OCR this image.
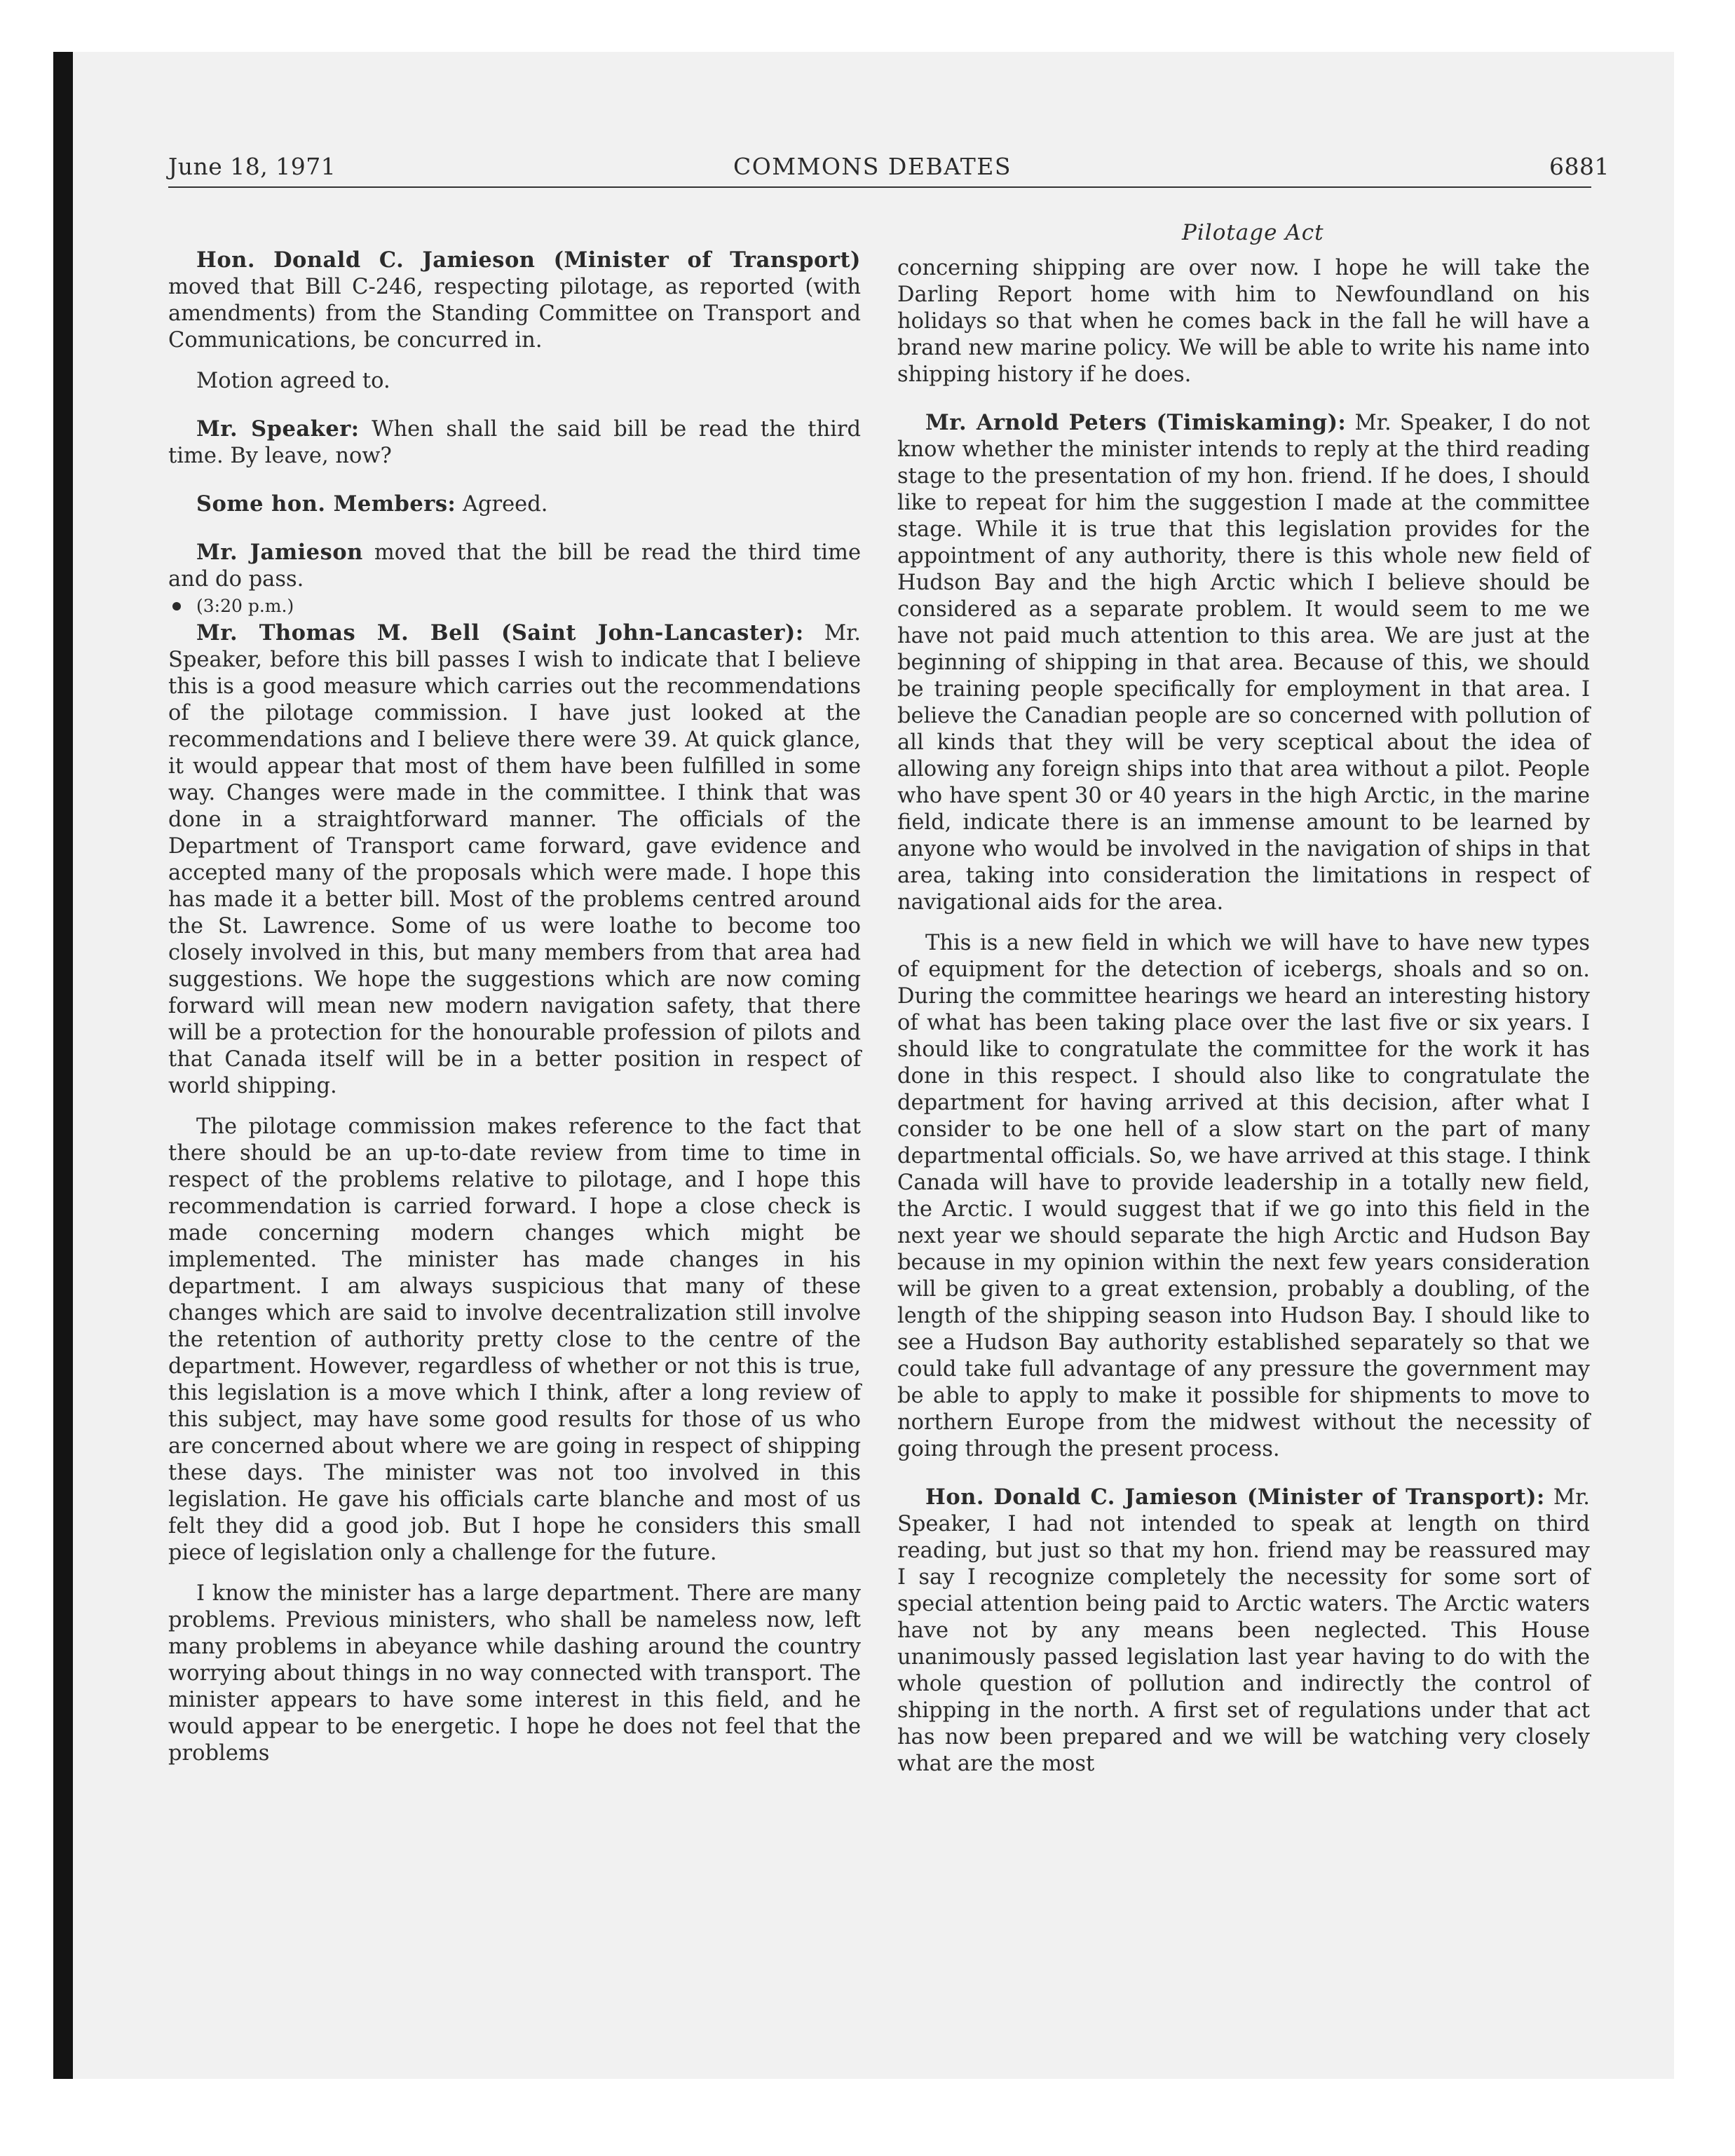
June 18, 1971	COMMONS DEBATES	6881
Pilotage Act

Hon. Donald C. Jamieson (Minister of Transport) moved that Bill C-246, respecting pilotage, as reported (with amendments) from the Standing Committee on Transport and Communications, be concurred in.

Motion agreed to.

Mr. Speaker: When shall the said bill be read the third time. By leave, now?

Some hon. Members: Agreed.

Mr. Jamieson moved that the bill be read the third time and do pass.

(3:20 p.m.)

Mr. Thomas M. Bell (Saint John-Lancaster): Mr. Speaker, before this bill passes I wish to indicate that I believe this is a good measure which carries out the recommendations of the pilotage commission. I have just looked at the recommendations and I believe there were 39. At quick glance, it would appear that most of them have been fulfilled in some way. Changes were made in the committee. I think that was done in a straightforward manner. The officials of the Department of Transport came forward, gave evidence and accepted many of the proposals which were made. I hope this has made it a better bill. Most of the problems centred around the St. Lawrence. Some of us were loathe to become too closely involved in this, but many members from that area had suggestions. We hope the suggestions which are now coming forward will mean new modern navigation safety, that there will be a protection for the honourable profession of pilots and that Canada itself will be in a better position in respect of world shipping.

The pilotage commission makes reference to the fact that there should be an up-to-date review from time to time in respect of the problems relative to pilotage, and I hope this recommendation is carried forward. I hope a close check is made concerning modern changes which might be implemented. The minister has made changes in his department. I am always suspicious that many of these changes which are said to involve decentralization still involve the retention of authority pretty close to the centre of the department. However, regardless of whether or not this is true, this legislation is a move which I think, after a long review of this subject, may have some good results for those of us who are concerned about where we are going in respect of shipping these days. The minister was not too involved in this legislation. He gave his officials carte blanche and most of us felt they did a good job. But I hope he considers this small piece of legislation only a challenge for the future.

I know the minister has a large department. There are many problems. Previous ministers, who shall be nameless now, left many problems in abeyance while dashing around the country worrying about things in no way connected with transport. The minister appears to have some interest in this field, and he would appear to be energetic. I hope he does not feel that the problems

concerning shipping are over now. I hope he will take the Darling Report home with him to Newfoundland on his holidays so that when he comes back in the fall he will have a brand new marine policy. We will be able to write his name into shipping history if he does.

Mr. Arnold Peters (Timiskaming): Mr. Speaker, I do not know whether the minister intends to reply at the third reading stage to the presentation of my hon. friend. If he does, I should like to repeat for him the suggestion I made at the committee stage. While it is true that this legislation provides for the appointment of any authority, there is this whole new field of Hudson Bay and the high Arctic which I believe should be considered as a separate problem. It would seem to me we have not paid much attention to this area. We are just at the beginning of shipping in that area. Because of this, we should be training people specifically for employment in that area. I believe the Canadian people are so concerned with pollution of all kinds that they will be very sceptical about the idea of allowing any foreign ships into that area without a pilot. People who have spent 30 or 40 years in the high Arctic, in the marine field, indicate there is an immense amount to be learned by anyone who would be involved in the navigation of ships in that area, taking into consideration the limitations in respect of navigational aids for the area.

This is a new field in which we will have to have new types of equipment for the detection of icebergs, shoals and so on. During the committee hearings we heard an interesting history of what has been taking place over the last five or six years. I should like to congratulate the committee for the work it has done in this respect. I should also like to congratulate the department for having arrived at this decision, after what I consider to be one hell of a slow start on the part of many departmental officials. So, we have arrived at this stage. I think Canada will have to provide leadership in a totally new field, the Arctic. I would suggest that if we go into this field in the next year we should separate the high Arctic and Hudson Bay because in my opinion within the next few years consideration will be given to a great extension, probably a doubling, of the length of the shipping season into Hudson Bay. I should like to see a Hudson Bay authority established separately so that we could take full advantage of any pressure the government may be able to apply to make it possible for shipments to move to northern Europe from the midwest without the necessity of going through the present process.

Hon. Donald C. Jamieson (Minister of Transport): Mr. Speaker, I had not intended to speak at length on third reading, but just so that my hon. friend may be reassured may I say I recognize completely the necessity for some sort of special attention being paid to Arctic waters. The Arctic waters have not by any means been neglected. This House unanimously passed legislation last year having to do with the whole question of pollution and indirectly the control of shipping in the north. A first set of regulations under that act has now been prepared and we will be watching very closely what are the most
